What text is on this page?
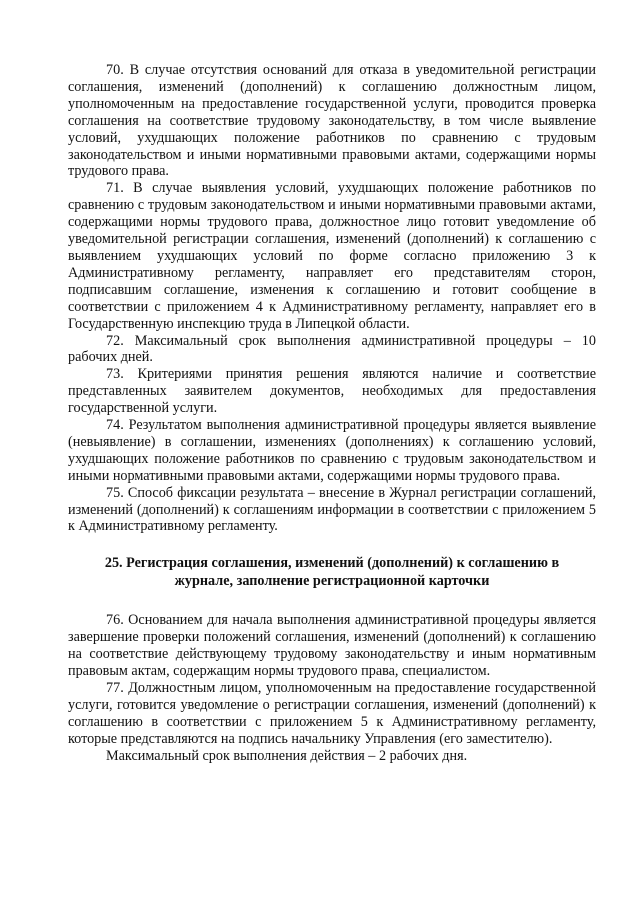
70. В случае отсутствия оснований для отказа в уведомительной регистрации соглашения, изменений (дополнений) к соглашению должностным лицом, уполномоченным на предоставление государственной услуги, проводится проверка соглашения на соответствие трудовому законодательству, в том числе выявление условий, ухудшающих положение работников по сравнению с трудовым законодательством и иными нормативными правовыми актами, содержащими нормы трудового права.

71. В случае выявления условий, ухудшающих положение работников по сравнению с трудовым законодательством и иными нормативными правовыми актами, содержащими нормы трудового права, должностное лицо готовит уведомление об уведомительной регистрации соглашения, изменений (дополнений) к соглашению с выявлением ухудшающих условий по форме согласно приложению 3 к Административному регламенту, направляет его представителям сторон, подписавшим соглашение, изменения к соглашению и готовит сообщение в соответствии с приложением 4 к Административному регламенту, направляет его в Государственную инспекцию труда в Липецкой области.

72. Максимальный срок выполнения административной процедуры – 10 рабочих дней.

73. Критериями принятия решения являются наличие и соответствие представленных заявителем документов, необходимых для предоставления государственной услуги.

74. Результатом выполнения административной процедуры является выявление (невыявление) в соглашении, изменениях (дополнениях) к соглашению условий, ухудшающих положение работников по сравнению с трудовым законодательством и иными нормативными правовыми актами, содержащими нормы трудового права.

75. Способ фиксации результата – внесение в Журнал регистрации соглашений, изменений (дополнений) к соглашениям информации в соответствии с приложением 5 к Административному регламенту.

25. Регистрация соглашения, изменений (дополнений) к соглашению в
журнале, заполнение регистрационной карточки

76. Основанием для начала выполнения административной процедуры является завершение проверки положений соглашения, изменений (дополнений) к соглашению на соответствие действующему трудовому законодательству и иным нормативным правовым актам, содержащим нормы трудового права, специалистом.

77. Должностным лицом, уполномоченным на предоставление государственной услуги, готовится уведомление о регистрации соглашения, изменений (дополнений) к соглашению в соответствии с приложением 5 к Административному регламенту, которые представляются на подпись начальнику Управления (его заместителю).

Максимальный срок выполнения действия – 2 рабочих дня.
